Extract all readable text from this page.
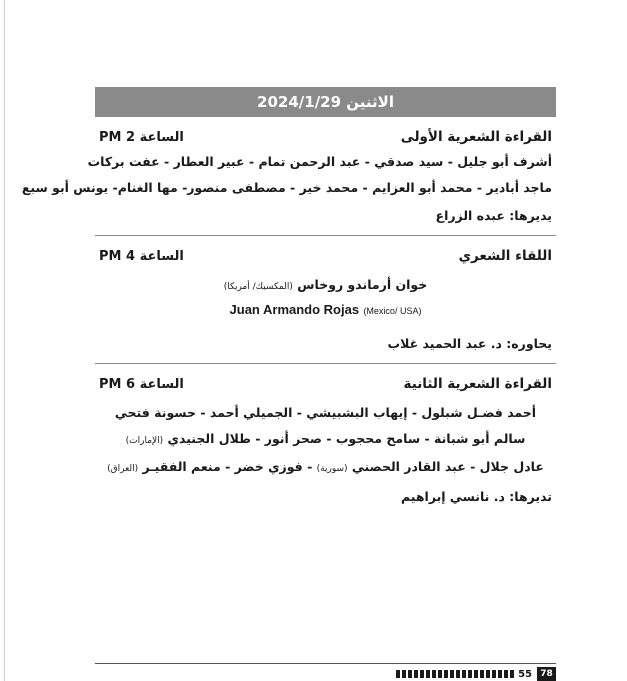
الاثنين 2024/1/29
القراءة الشعرية الأولى
الساعة 2 PM
أشرف أبو جليل - سيد صدقي - عبد الرحمن تمام - عبير العطار - عفت بركات
ماجد أبادير - محمد أبو العزايم - محمد خير - مصطفى منصور- مها الغنام- يونس أبو سبع
يديرها: عبده الزراع
اللقاء الشعري
الساعة 4 PM
خوان أرماندو روخاس (المكسيك/ أمريكا)
Juan Armando Rojas (Mexico/ USA)
يحاوره: د. عبد الحميد غلاب
القراءة الشعرية الثانية
الساعة 6 PM
أحمد فضـل شبلول - إيهاب البشبيشي - الجميلي أحمد - حسونة فتحي
سالم أبو شبانة - سامح محجوب - صحر أنور - طلال الجنيدي (الإمارات)
عادل جلال - عبد القادر الحصني (سورية) - فوزي خضر - منعم الفقيـر (العراق)
تديرها: د. نانسي إبراهيم
55 78
